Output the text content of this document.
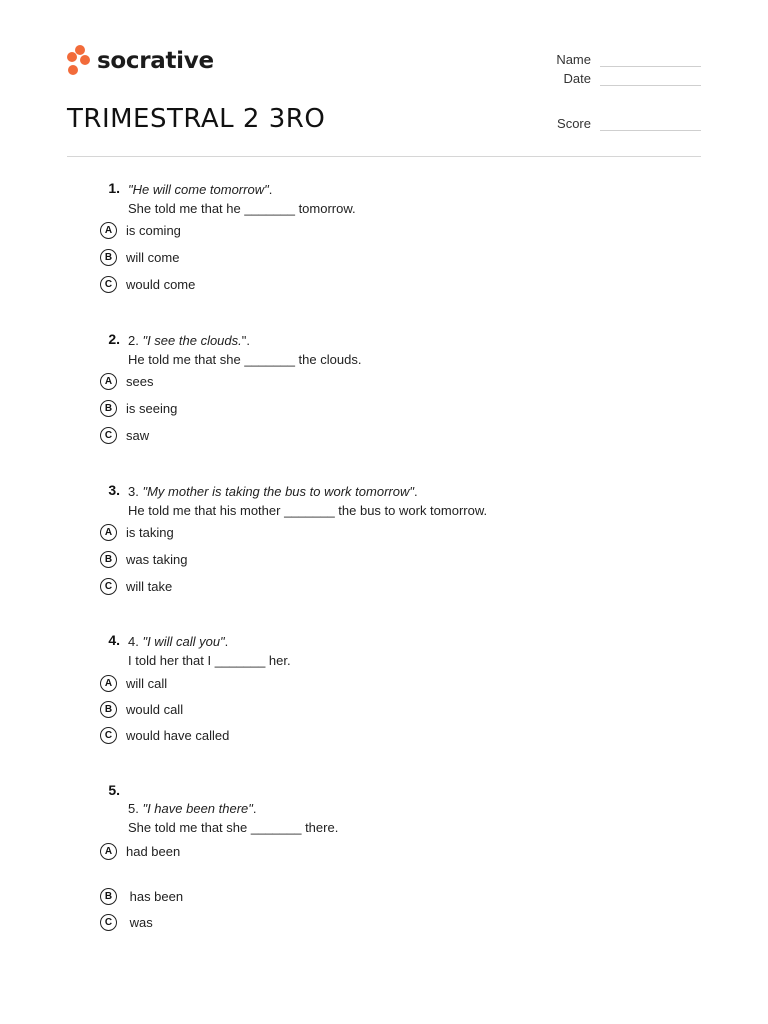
socrative	Name
Date
Score
TRIMESTRAL 2 3RO
1. "He will come tomorrow".
She told me that he _______ tomorrow.
A	is coming
B	will come
C	would come
2. 2. "I see the clouds.".
He told me that she _______ the clouds.
A	sees
B	is seeing
C	saw
3. 3. "My mother is taking the bus to work tomorrow".
He told me that his mother _______ the bus to work tomorrow.
A	is taking
B	was taking
C	will take
4. 4. "I will call you".
I told her that I _______ her.
A	will call
B	would call
C	would have called
5.
5. "I have been there".
She told me that she _______ there.
A	had been
B	has been
C	was
